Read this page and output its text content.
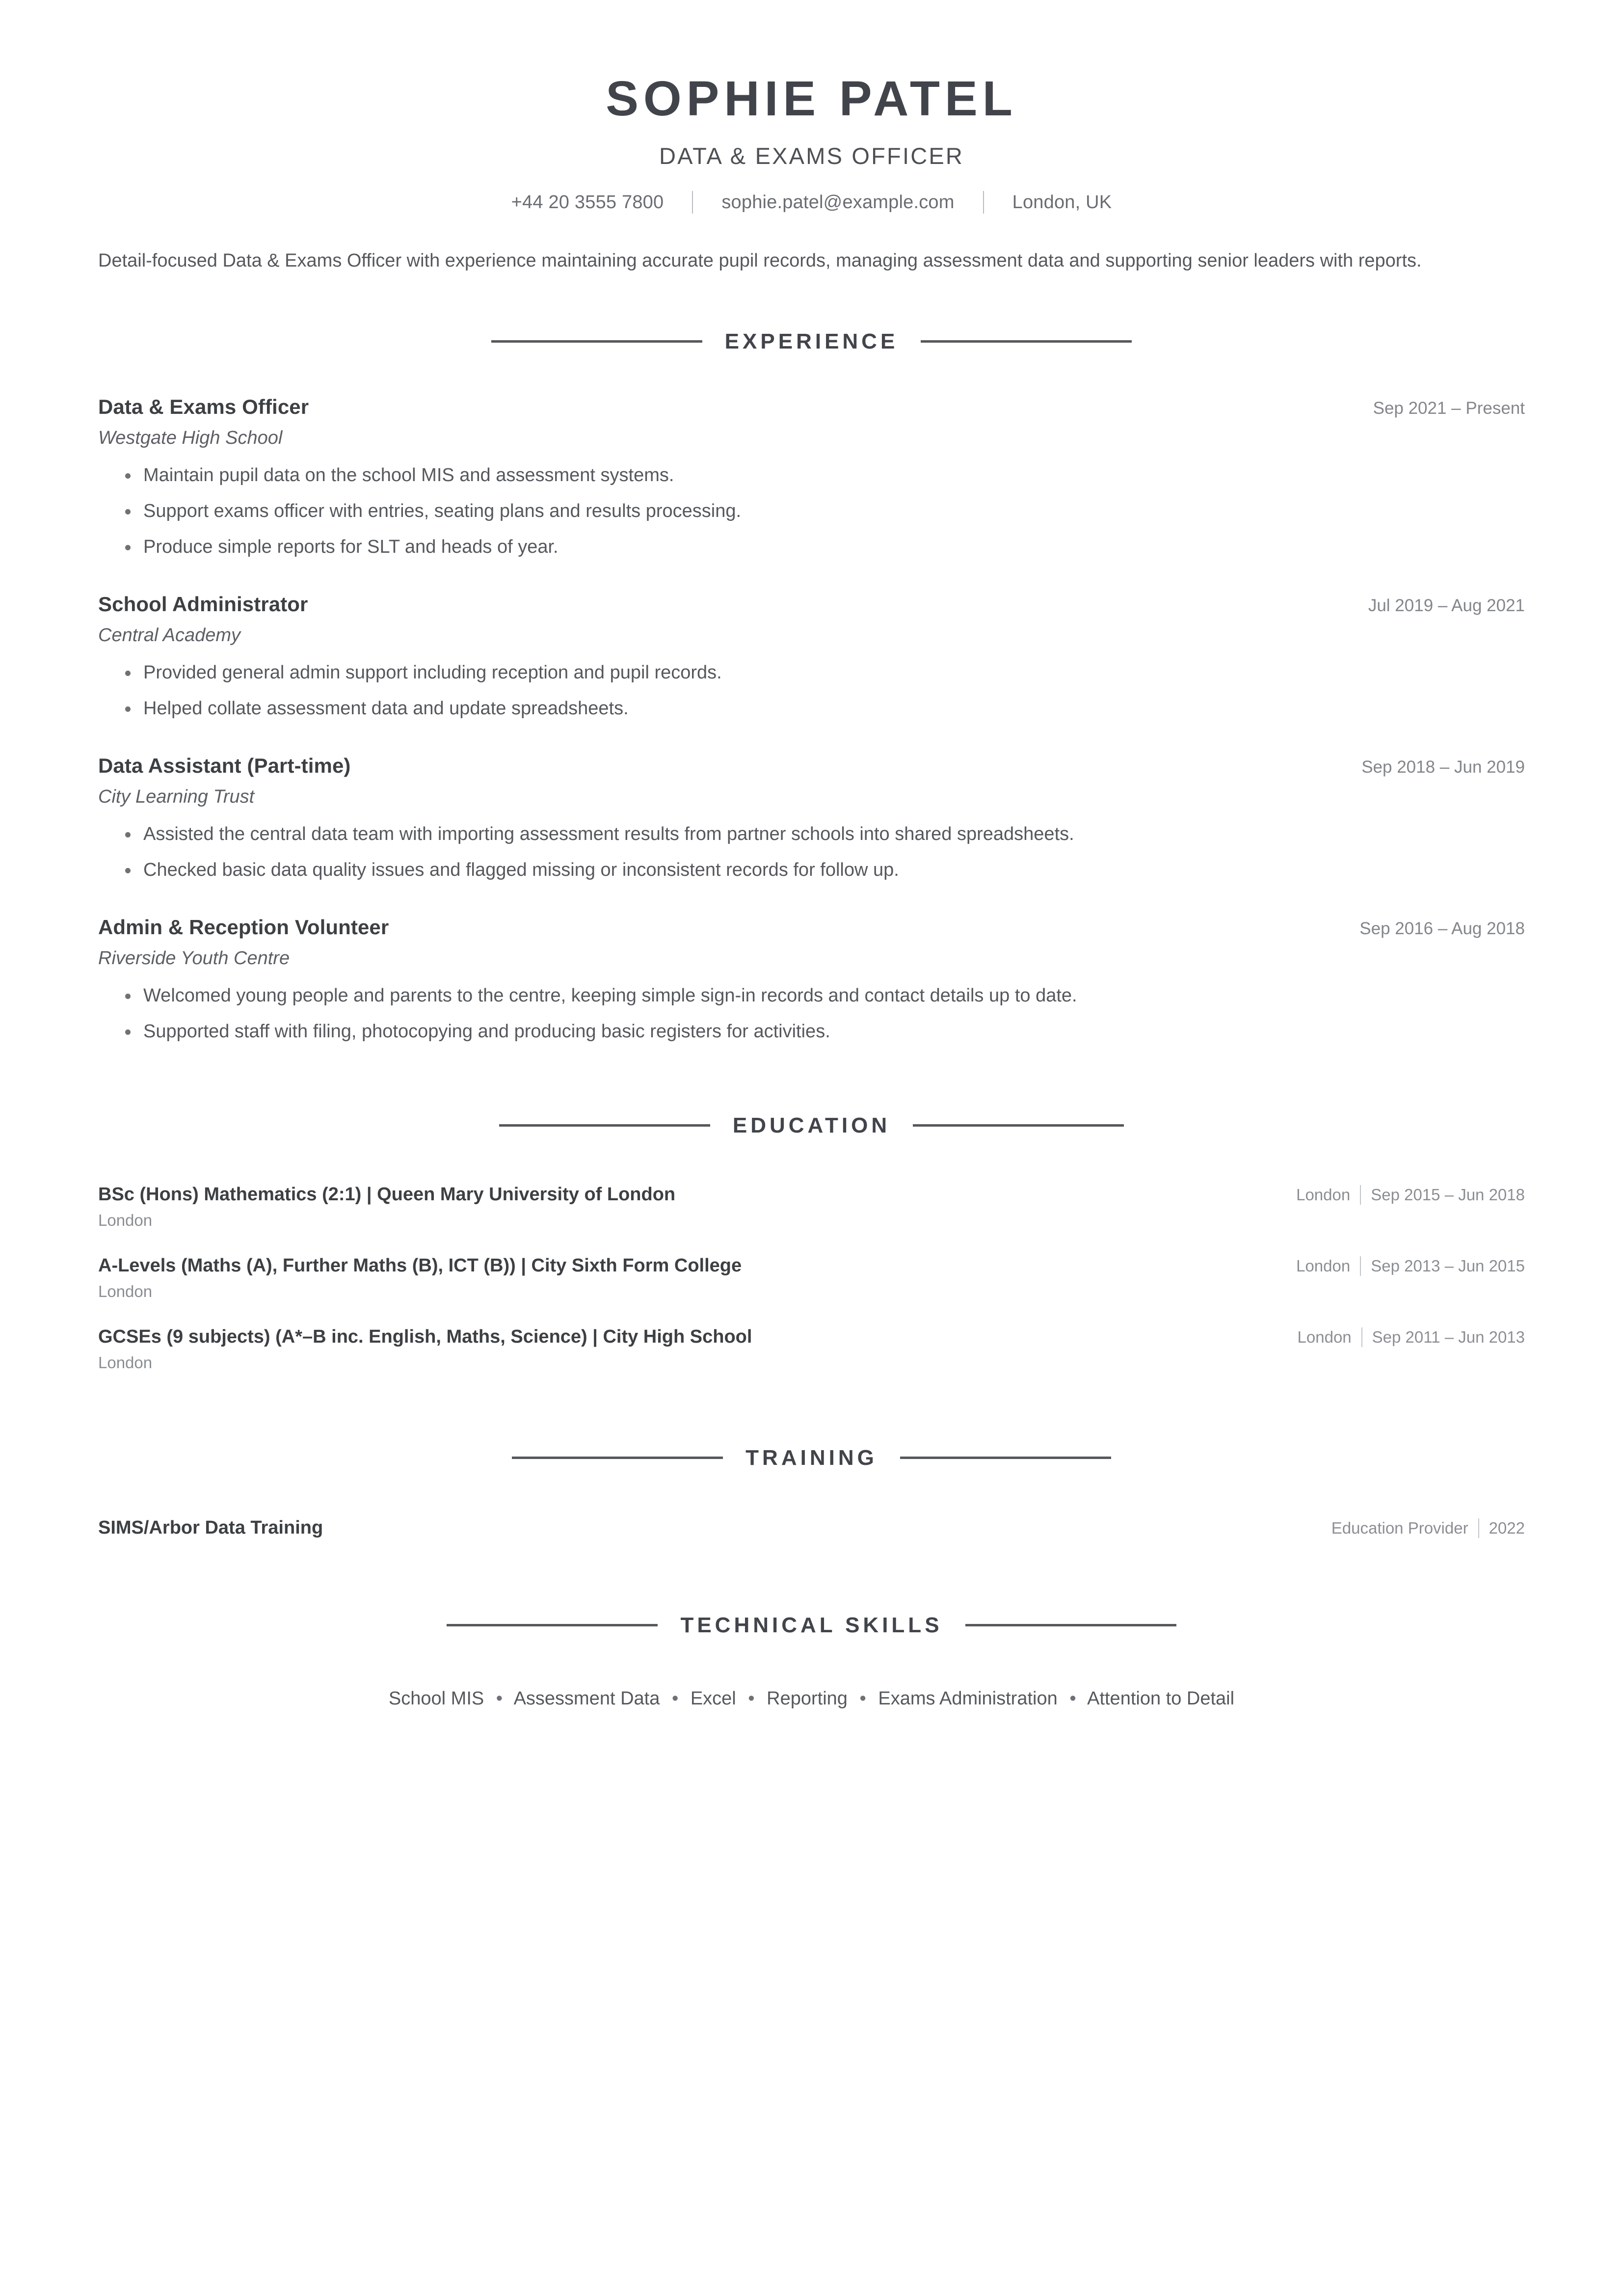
SOPHIE PATEL
DATA & EXAMS OFFICER
+44 20 3555 7800	sophie.patel@example.com	London, UK
Detail-focused Data & Exams Officer with experience maintaining accurate pupil records, managing assessment data and supporting senior leaders with reports.
EXPERIENCE
Data & Exams Officer	Sep 2021 – Present
Westgate High School
Maintain pupil data on the school MIS and assessment systems.
Support exams officer with entries, seating plans and results processing.
Produce simple reports for SLT and heads of year.
School Administrator	Jul 2019 – Aug 2021
Central Academy
Provided general admin support including reception and pupil records.
Helped collate assessment data and update spreadsheets.
Data Assistant (Part-time)	Sep 2018 – Jun 2019
City Learning Trust
Assisted the central data team with importing assessment results from partner schools into shared spreadsheets.
Checked basic data quality issues and flagged missing or inconsistent records for follow up.
Admin & Reception Volunteer	Sep 2016 – Aug 2018
Riverside Youth Centre
Welcomed young people and parents to the centre, keeping simple sign-in records and contact details up to date.
Supported staff with filing, photocopying and producing basic registers for activities.
EDUCATION
BSc (Hons) Mathematics (2:1) | Queen Mary University of London	London Sep 2015 – Jun 2018
London
A-Levels (Maths (A), Further Maths (B), ICT (B)) | City Sixth Form College	London Sep 2013 – Jun 2015
London
GCSEs (9 subjects) (A*–B inc. English, Maths, Science) | City High School	London Sep 2011 – Jun 2013
London
TRAINING
SIMS/Arbor Data Training	Education Provider 2022
TECHNICAL SKILLS
School MIS • Assessment Data • Excel • Reporting • Exams Administration • Attention to Detail
